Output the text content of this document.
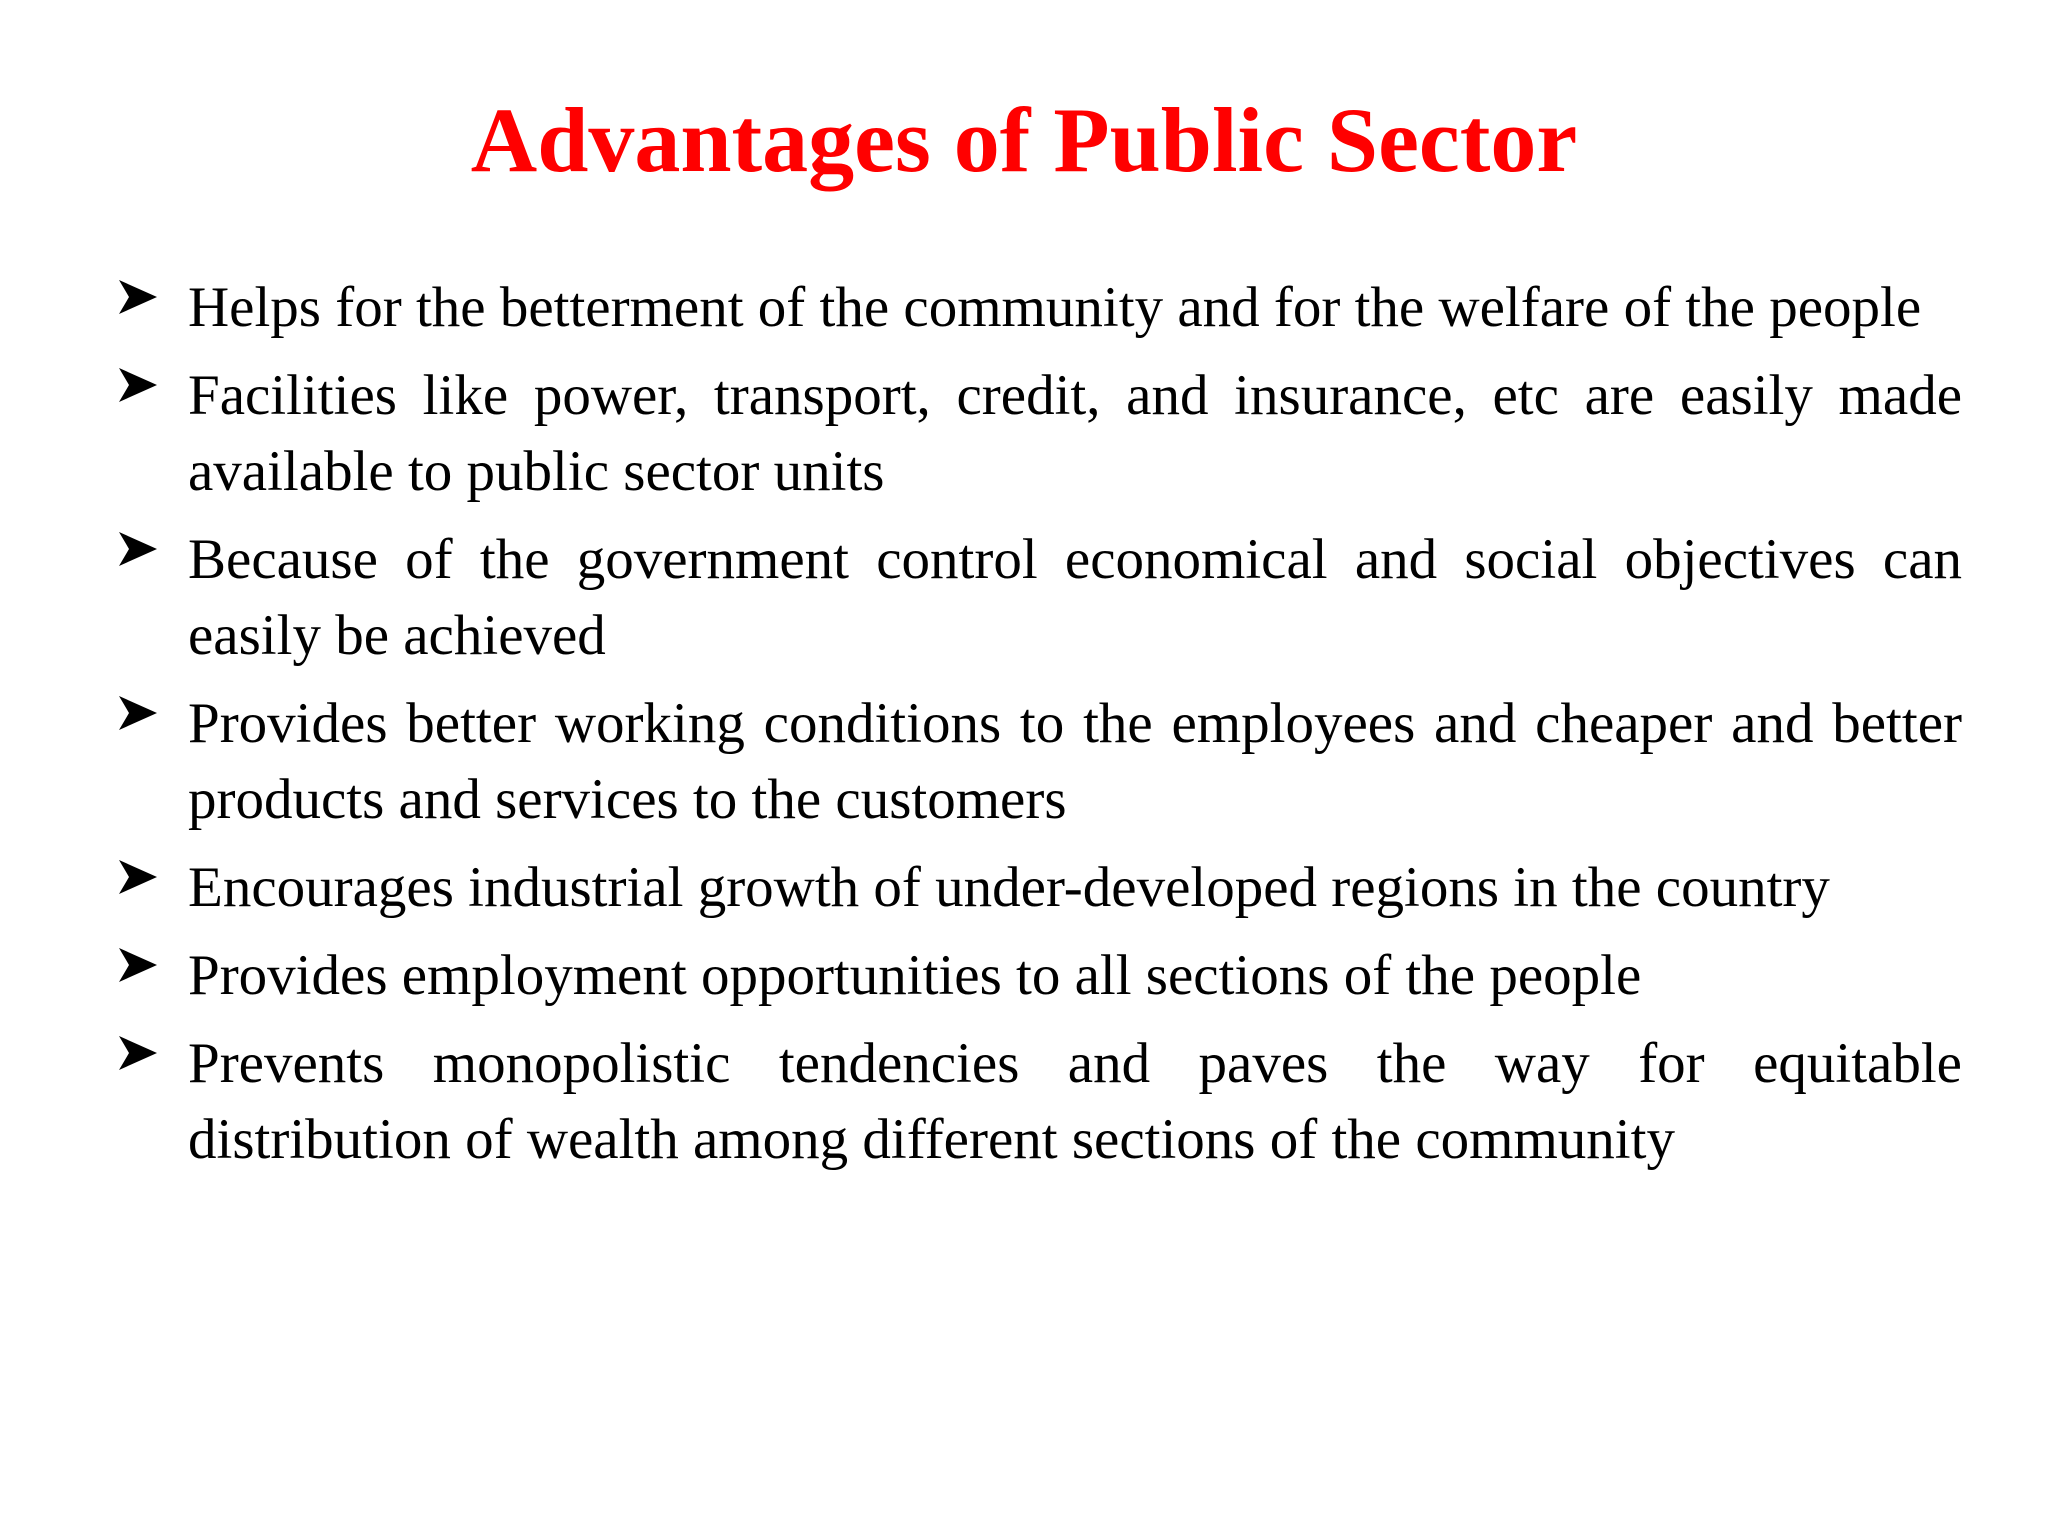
Advantages of Public Sector
Helps for the betterment of the community and for the welfare of the people
Facilities like power, transport, credit, and insurance, etc are easily made available to public sector units
Because of the government control economical and social objectives can easily be achieved
Provides better working conditions to the employees and cheaper and better products and services to the customers
Encourages industrial growth of under-developed regions in the country
Provides employment opportunities to all sections of the people
Prevents monopolistic tendencies and paves the way for equitable distribution of wealth among different sections of the community
